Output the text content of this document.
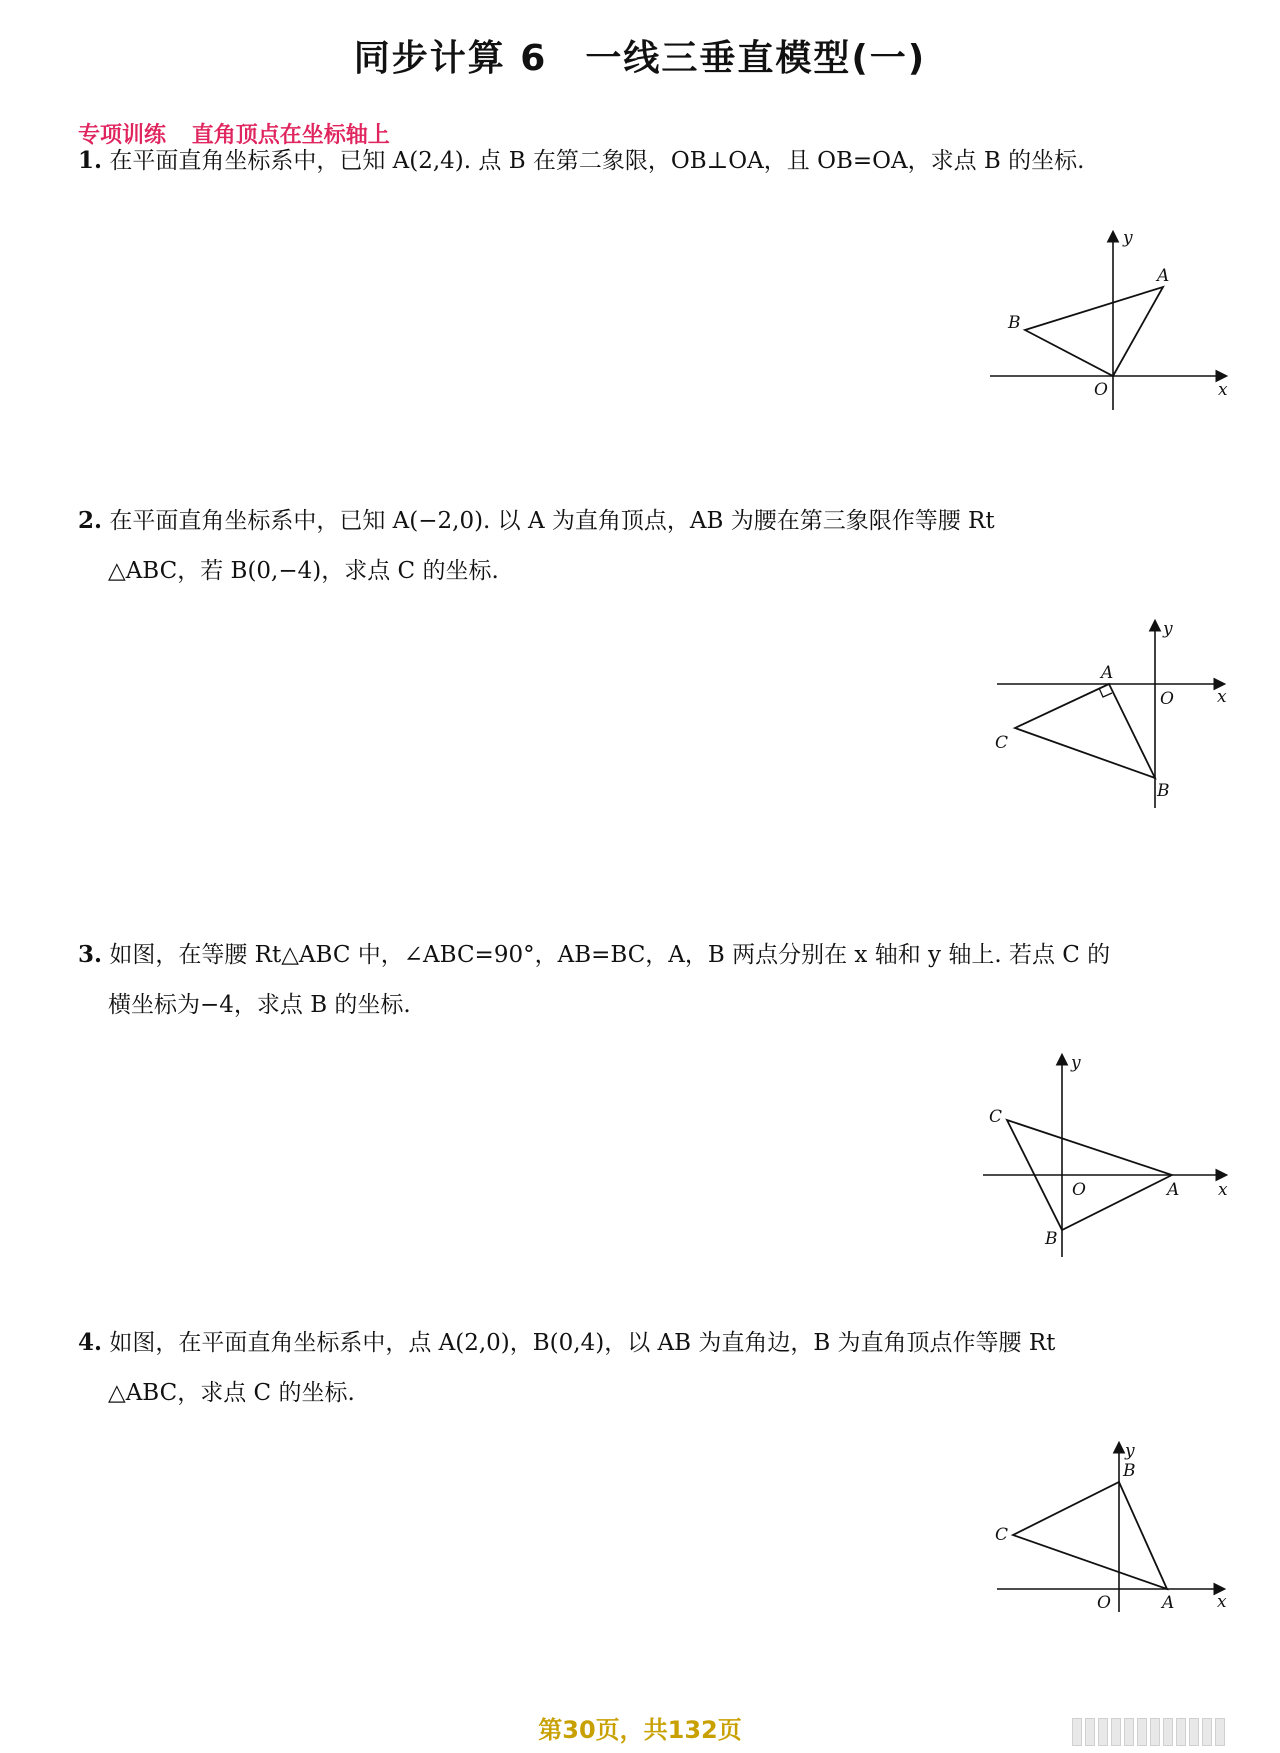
同步计算 6　一线三垂直模型(一)
专项训练 直角顶点在坐标轴上
1. 在平面直角坐标系中，已知 A(2,4). 点 B 在第二象限，OB⊥OA，且 OB=OA，求点 B 的坐标.
2. 在平面直角坐标系中，已知 A(−2,0). 以 A 为直角顶点，AB 为腰在第三象限作等腰 Rt
△ABC，若 B(0,−4)，求点 C 的坐标.
3. 如图，在等腰 Rt△ABC 中，∠ABC=90°，AB=BC，A，B 两点分别在 x 轴和 y 轴上. 若点 C 的
横坐标为−4，求点 B 的坐标.
4. 如图，在平面直角坐标系中，点 A(2,0)，B(0,4)，以 AB 为直角边，B 为直角顶点作等腰 Rt
△ABC，求点 C 的坐标.
y
x
O
A
B
y
x
O
A
B
C
y
x
O	A
B
C
y
x
O	A
B
C
第30页，共132页
